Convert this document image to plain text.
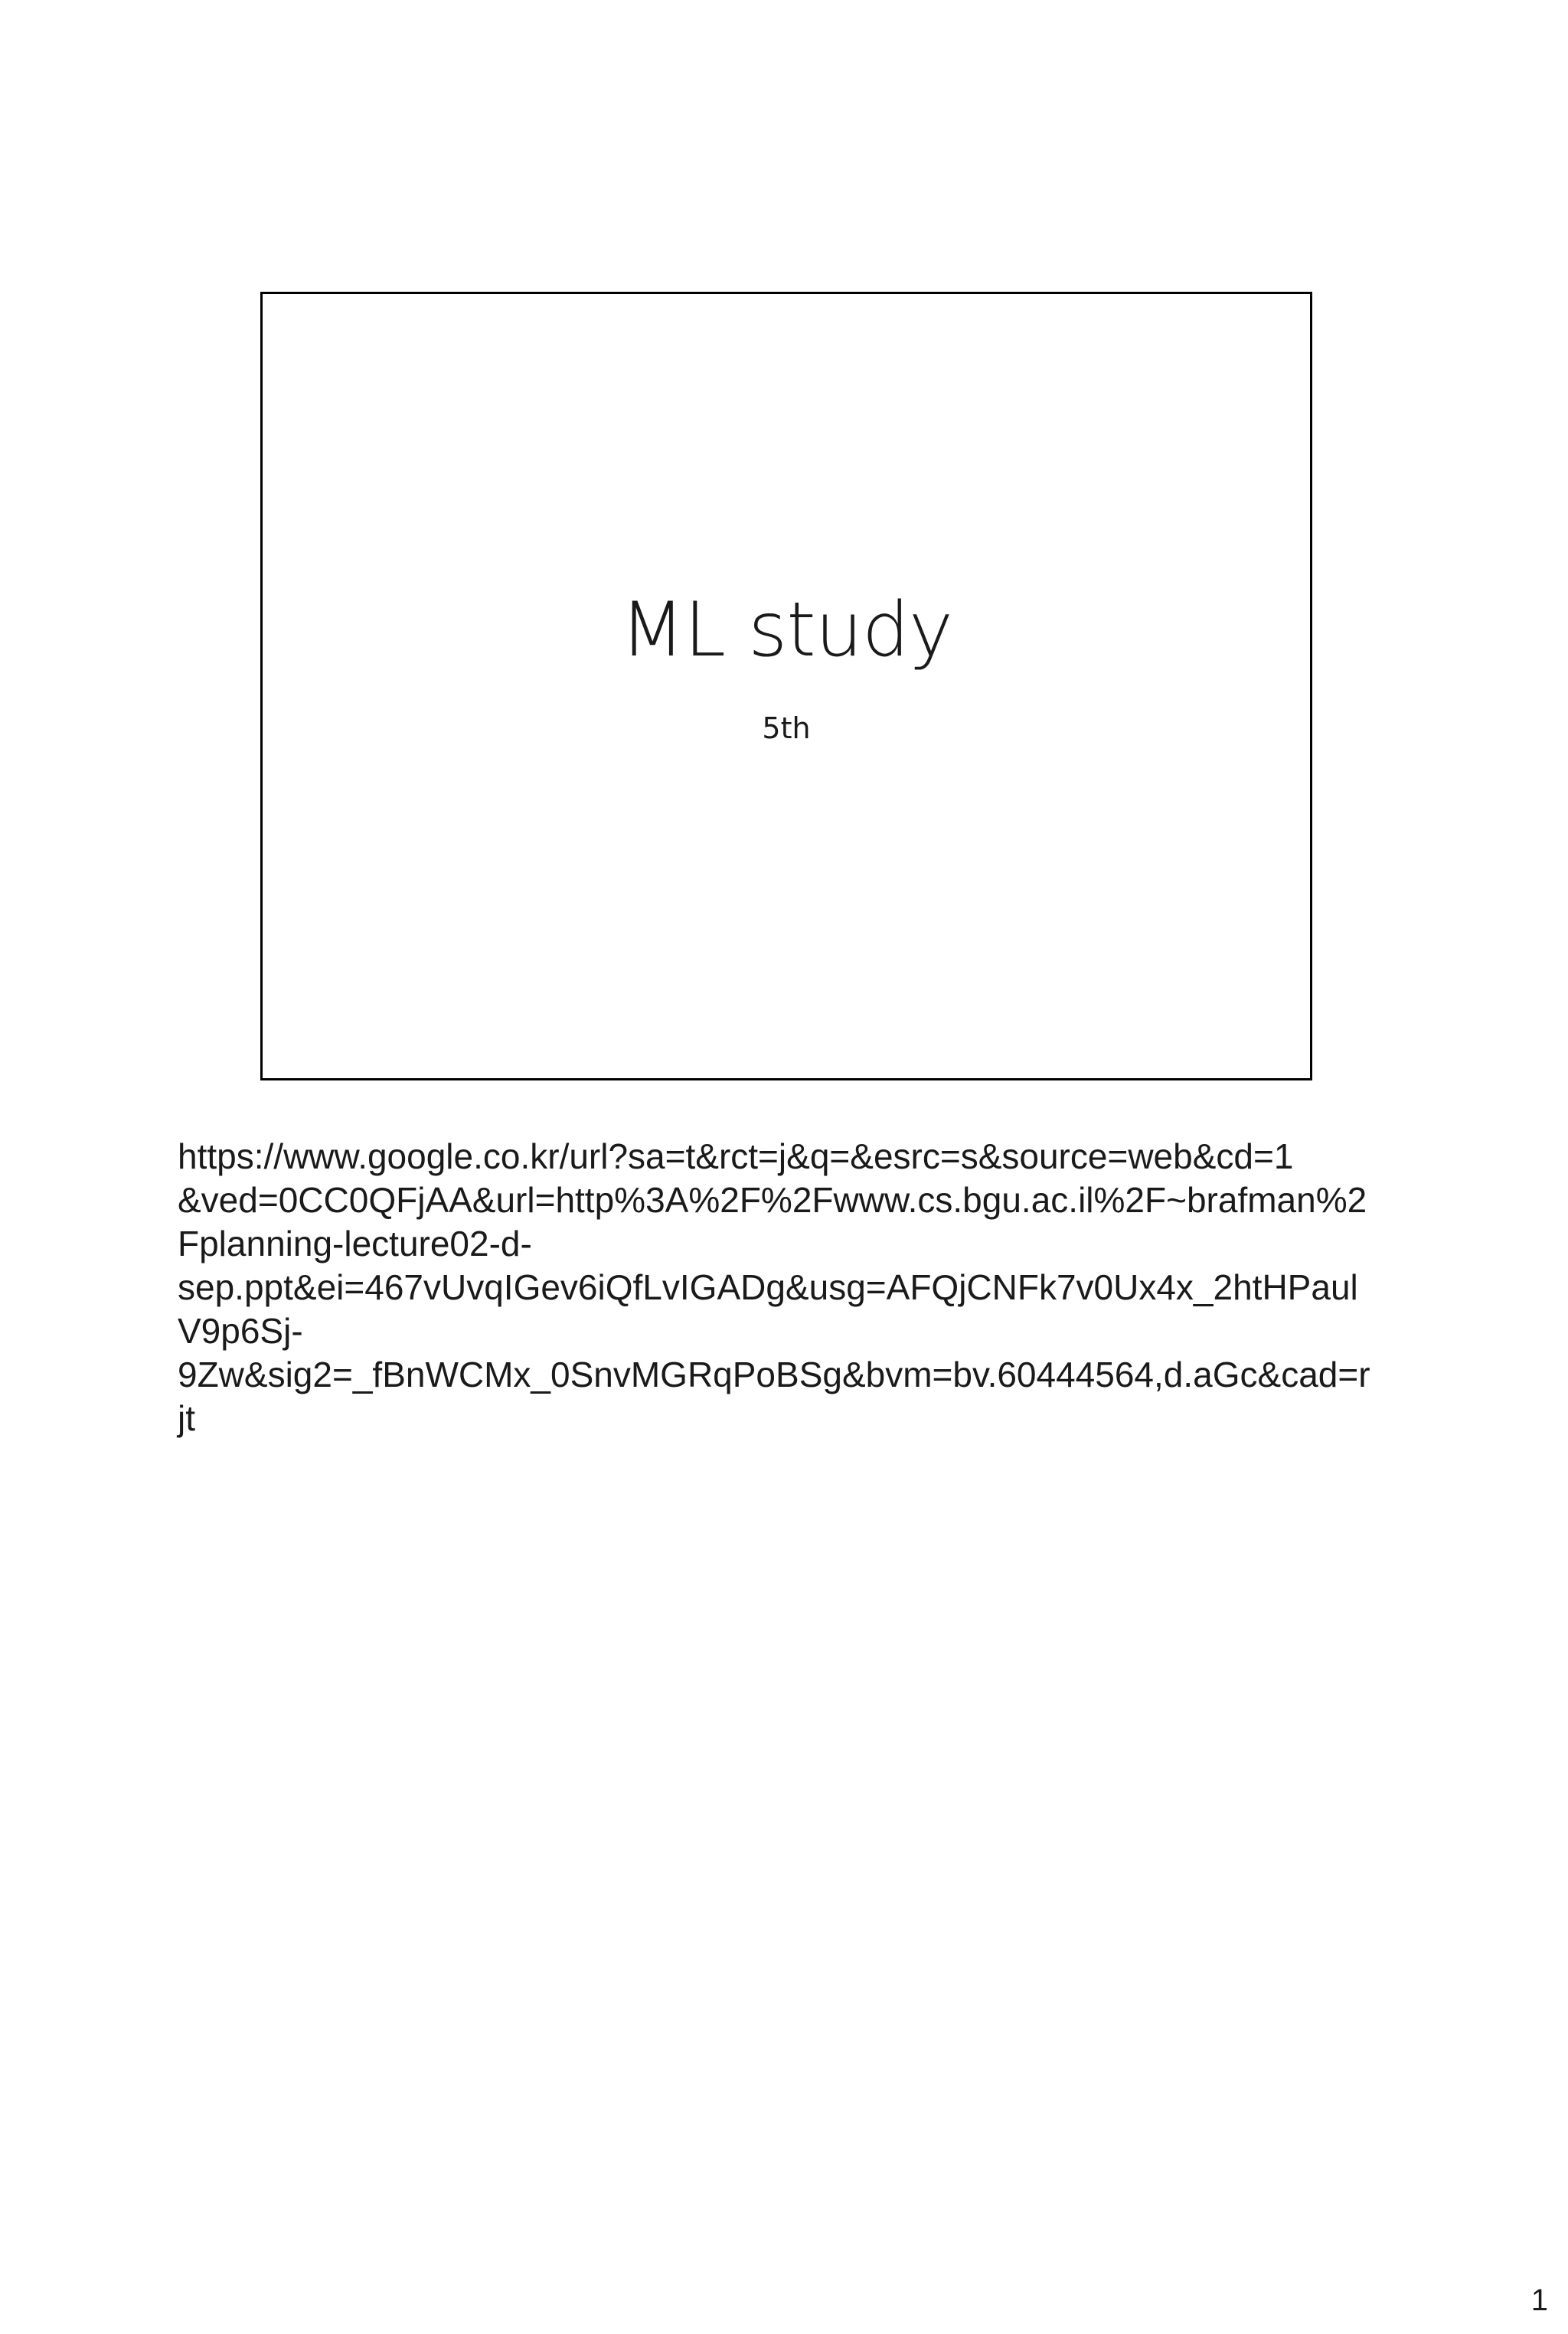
ML study
5th
https://www.google.co.kr/url?sa=t&rct=j&q=&esrc=s&source=web&cd=1
&ved=0CC0QFjAA&url=http%3A%2F%2Fwww.cs.bgu.ac.il%2F~brafman%2
Fplanning-lecture02-d-
sep.ppt&ei=467vUvqIGev6iQfLvIGADg&usg=AFQjCNFk7v0Ux4x_2htHPaul
V9p6Sj-
9Zw&sig2=_fBnWCMx_0SnvMGRqPoBSg&bvm=bv.60444564,d.aGc&cad=r
jt
1
